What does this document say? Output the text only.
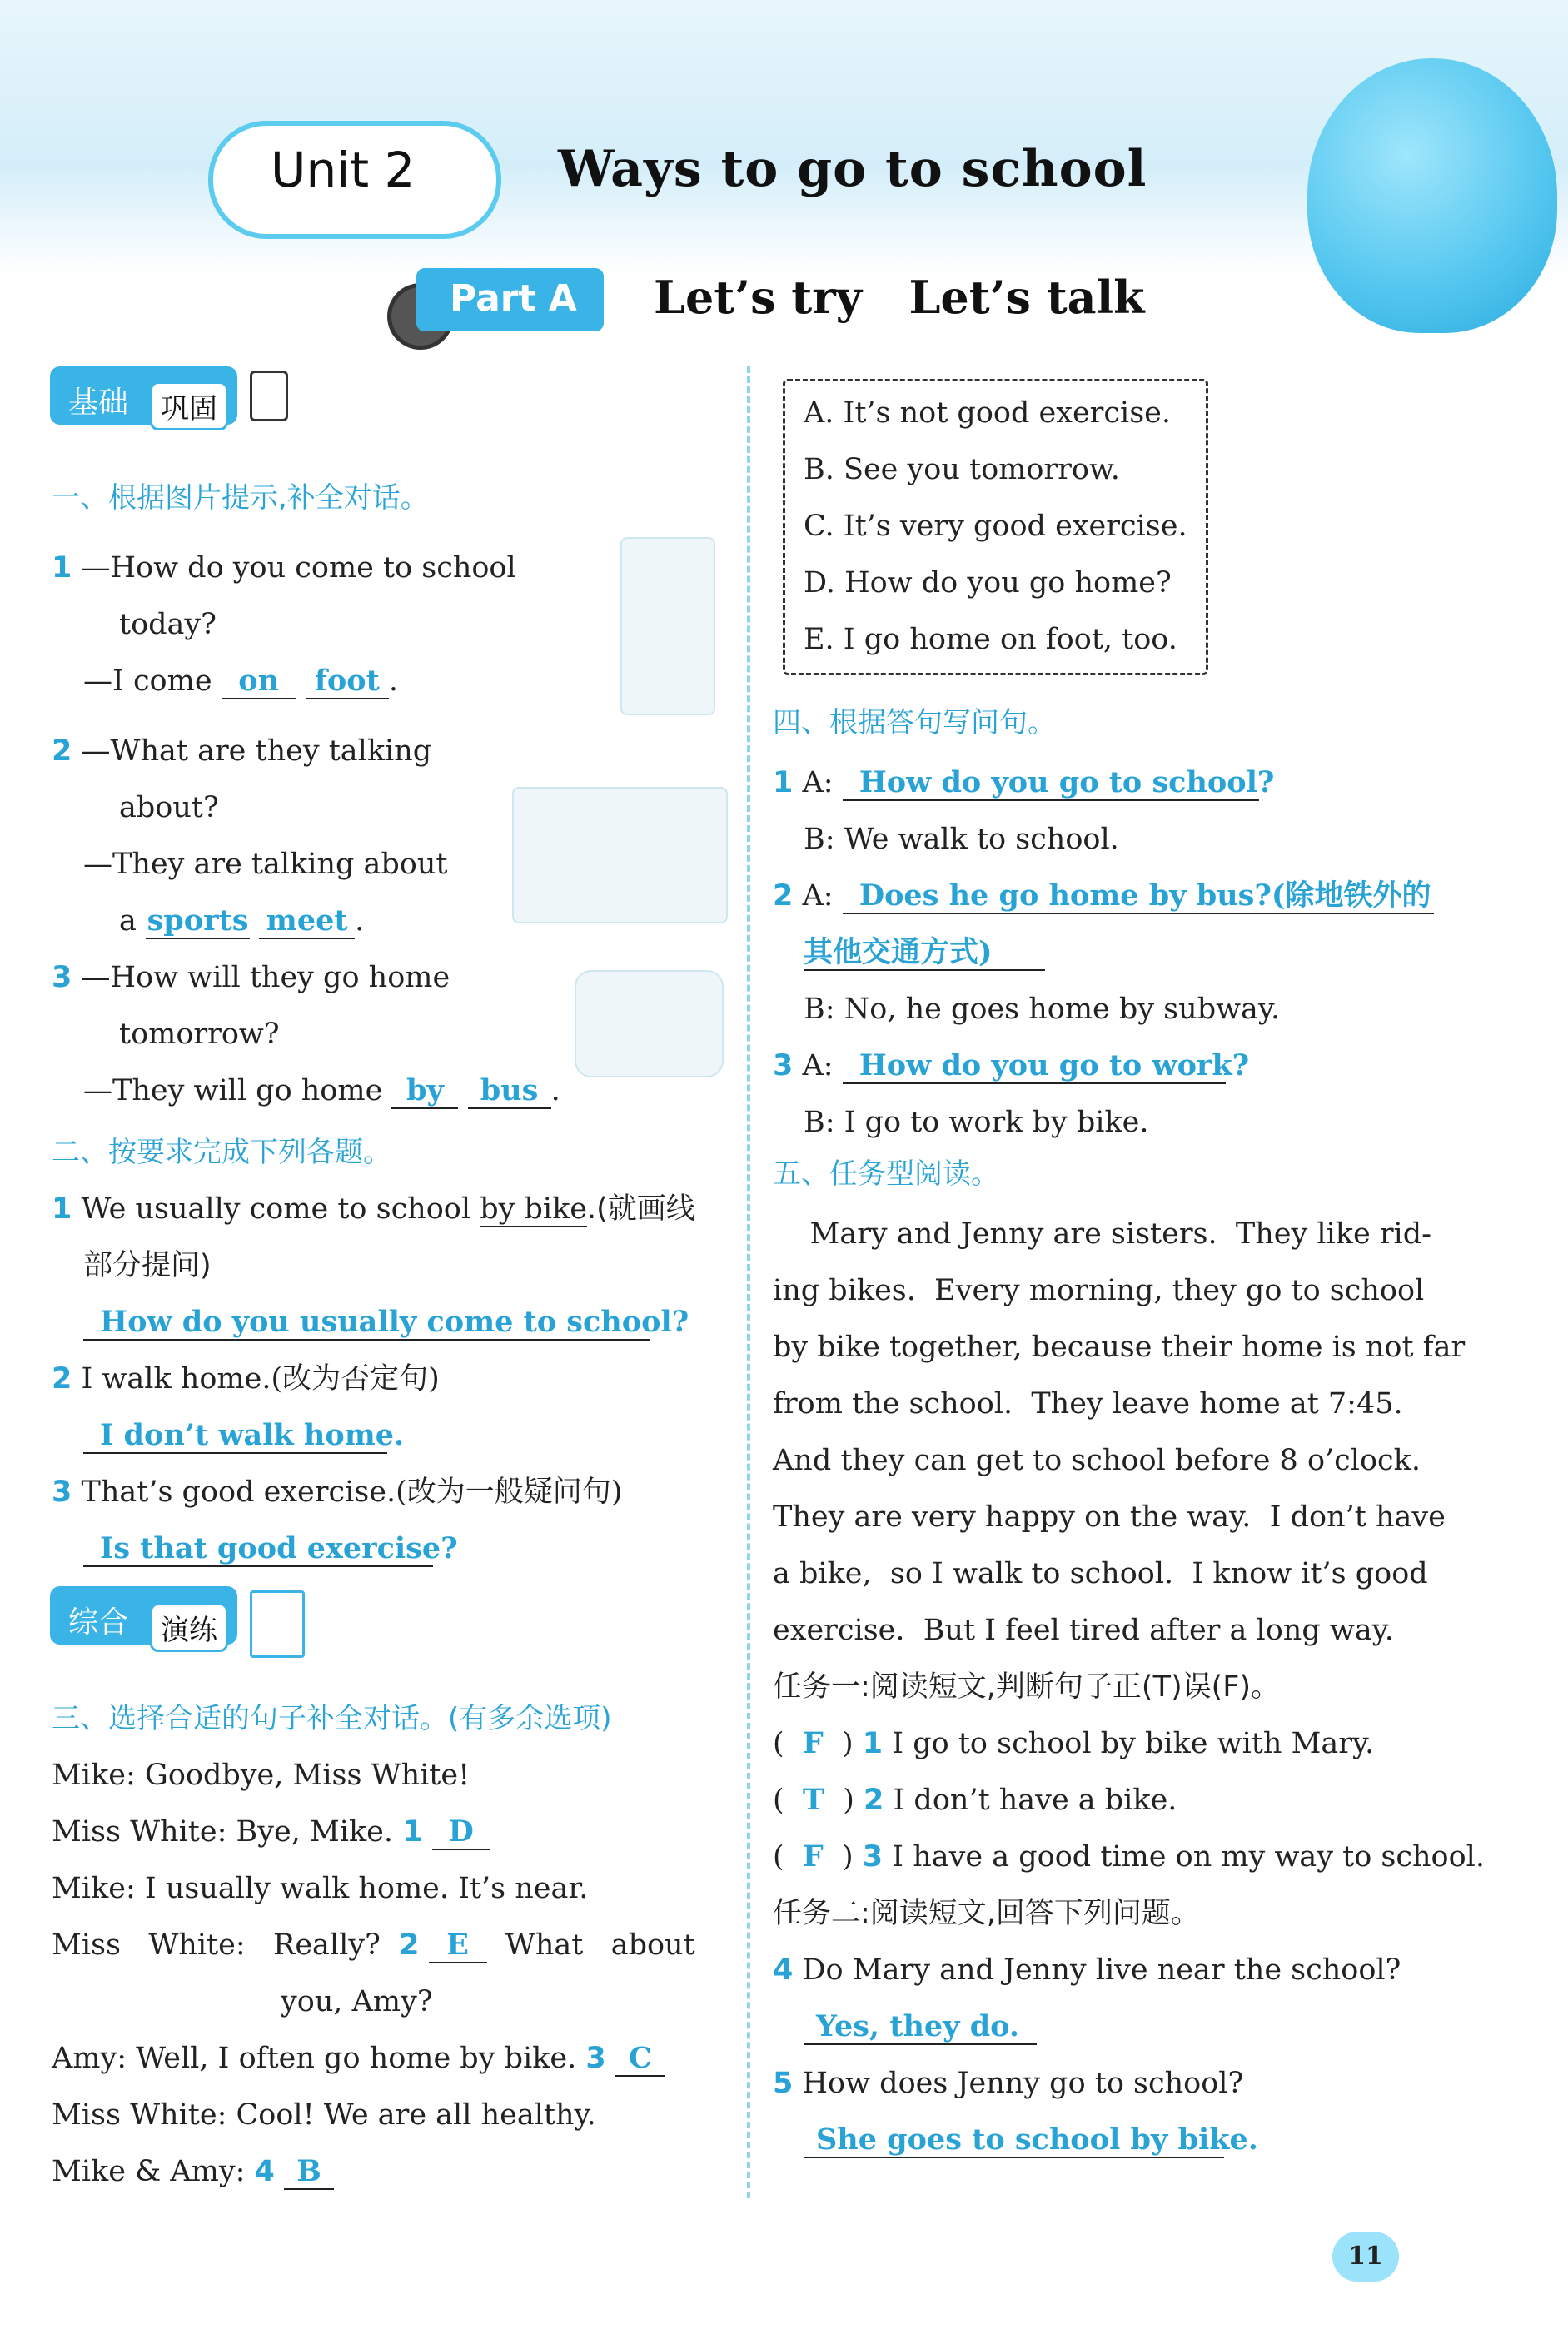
Unit 2	Ways to go to school
Part A Let’s try   Let’s talk
基础	巩固
一、根据图片提示,补全对话。
1 —How do you come to school
today?
—I come on foot .
2 —What are they talking
about?
—They are talking about
a sports meet .
3 —How will they go home
tomorrow?
—They will go home by bus .
二、按要求完成下列各题。
1 We usually come to school by bike.(就画线
部分提问)
How do you usually come to school?
2 I walk home.(改为否定句)
I don’t walk home.
3 That’s good exercise.(改为一般疑问句)
Is that good exercise?
综合	演练
三、选择合适的句子补全对话。(有多余选项)
Mike: Goodbye, Miss White!
Miss White: Bye, Mike. 1 D
Mike: I usually walk home. It’s near.
Miss   White:   Really? 2 E What   about
you, Amy?
Amy: Well, I often go home by bike. 3 C
Miss White: Cool! We are all healthy.
Mike & Amy: 4 B
A. It’s not good exercise.
B. See you tomorrow.
C. It’s very good exercise.
D. How do you go home?
E. I go home on foot, too.
四、根据答句写问句。
1 A: How do you go to school?
B: We walk to school.
2 A: Does he go home by bus?(除地铁外的
其他交通方式)
B: No, he goes home by subway.
3 A: How do you go to work?
B: I go to work by bike.
五、任务型阅读。
Mary and Jenny are sisters.  They like rid-
ing bikes.  Every morning, they go to school
by bike together, because their home is not far
from the school.  They leave home at 7:45.
And they can get to school before 8 o’clock.
They are very happy on the way.  I don’t have
a bike,  so I walk to school.  I know it’s good
exercise.  But I feel tired after a long way.
任务一:阅读短文,判断句子正(T)误(F)。
(  F  ) 1 I go to school by bike with Mary.
(  T  ) 2 I don’t have a bike.
(  F  ) 3 I have a good time on my way to school.
任务二:阅读短文,回答下列问题。
4 Do Mary and Jenny live near the school?
Yes, they do.
5 How does Jenny go to school?
She goes to school by bike.
11
